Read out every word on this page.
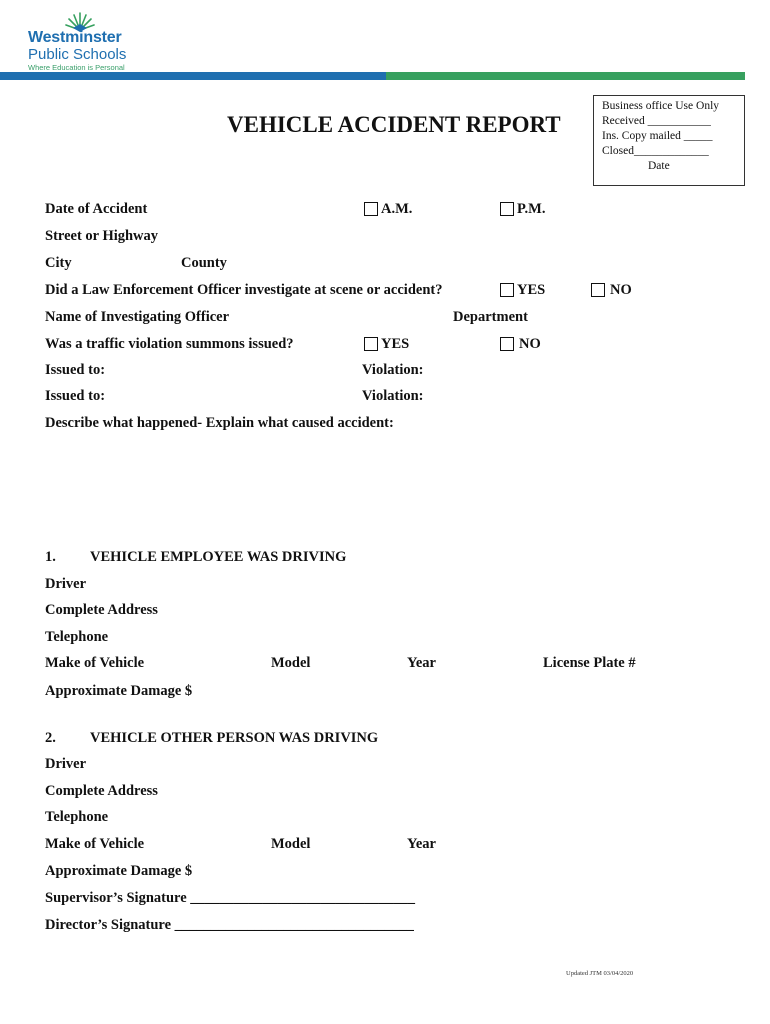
Westminster
Public Schools
Where Education is Personal
VEHICLE ACCIDENT REPORT
Business office Use Only
Received ___________
Ins. Copy mailed _____
Closed_____________
Date
Date of Accident	A.M.	P.M.
Street or Highway
City	County
Did a Law Enforcement Officer investigate at scene or accident?	YES	NO
Name of Investigating Officer	Department
Was a traffic violation summons issued?	YES	NO
Issued to:	Violation:
Issued to:	Violation:
Describe what happened- Explain what caused accident:
1. VEHICLE EMPLOYEE WAS DRIVING
Driver
Complete Address
Telephone
Make of Vehicle	Model	Year	License Plate #
Approximate Damage $
2. VEHICLE OTHER PERSON WAS DRIVING
Driver
Complete Address
Telephone
Make of Vehicle	Model	Year
Approximate Damage $
Supervisor’s Signature _______________________________
Director’s Signature _________________________________
Updated JTM 03/04/2020
